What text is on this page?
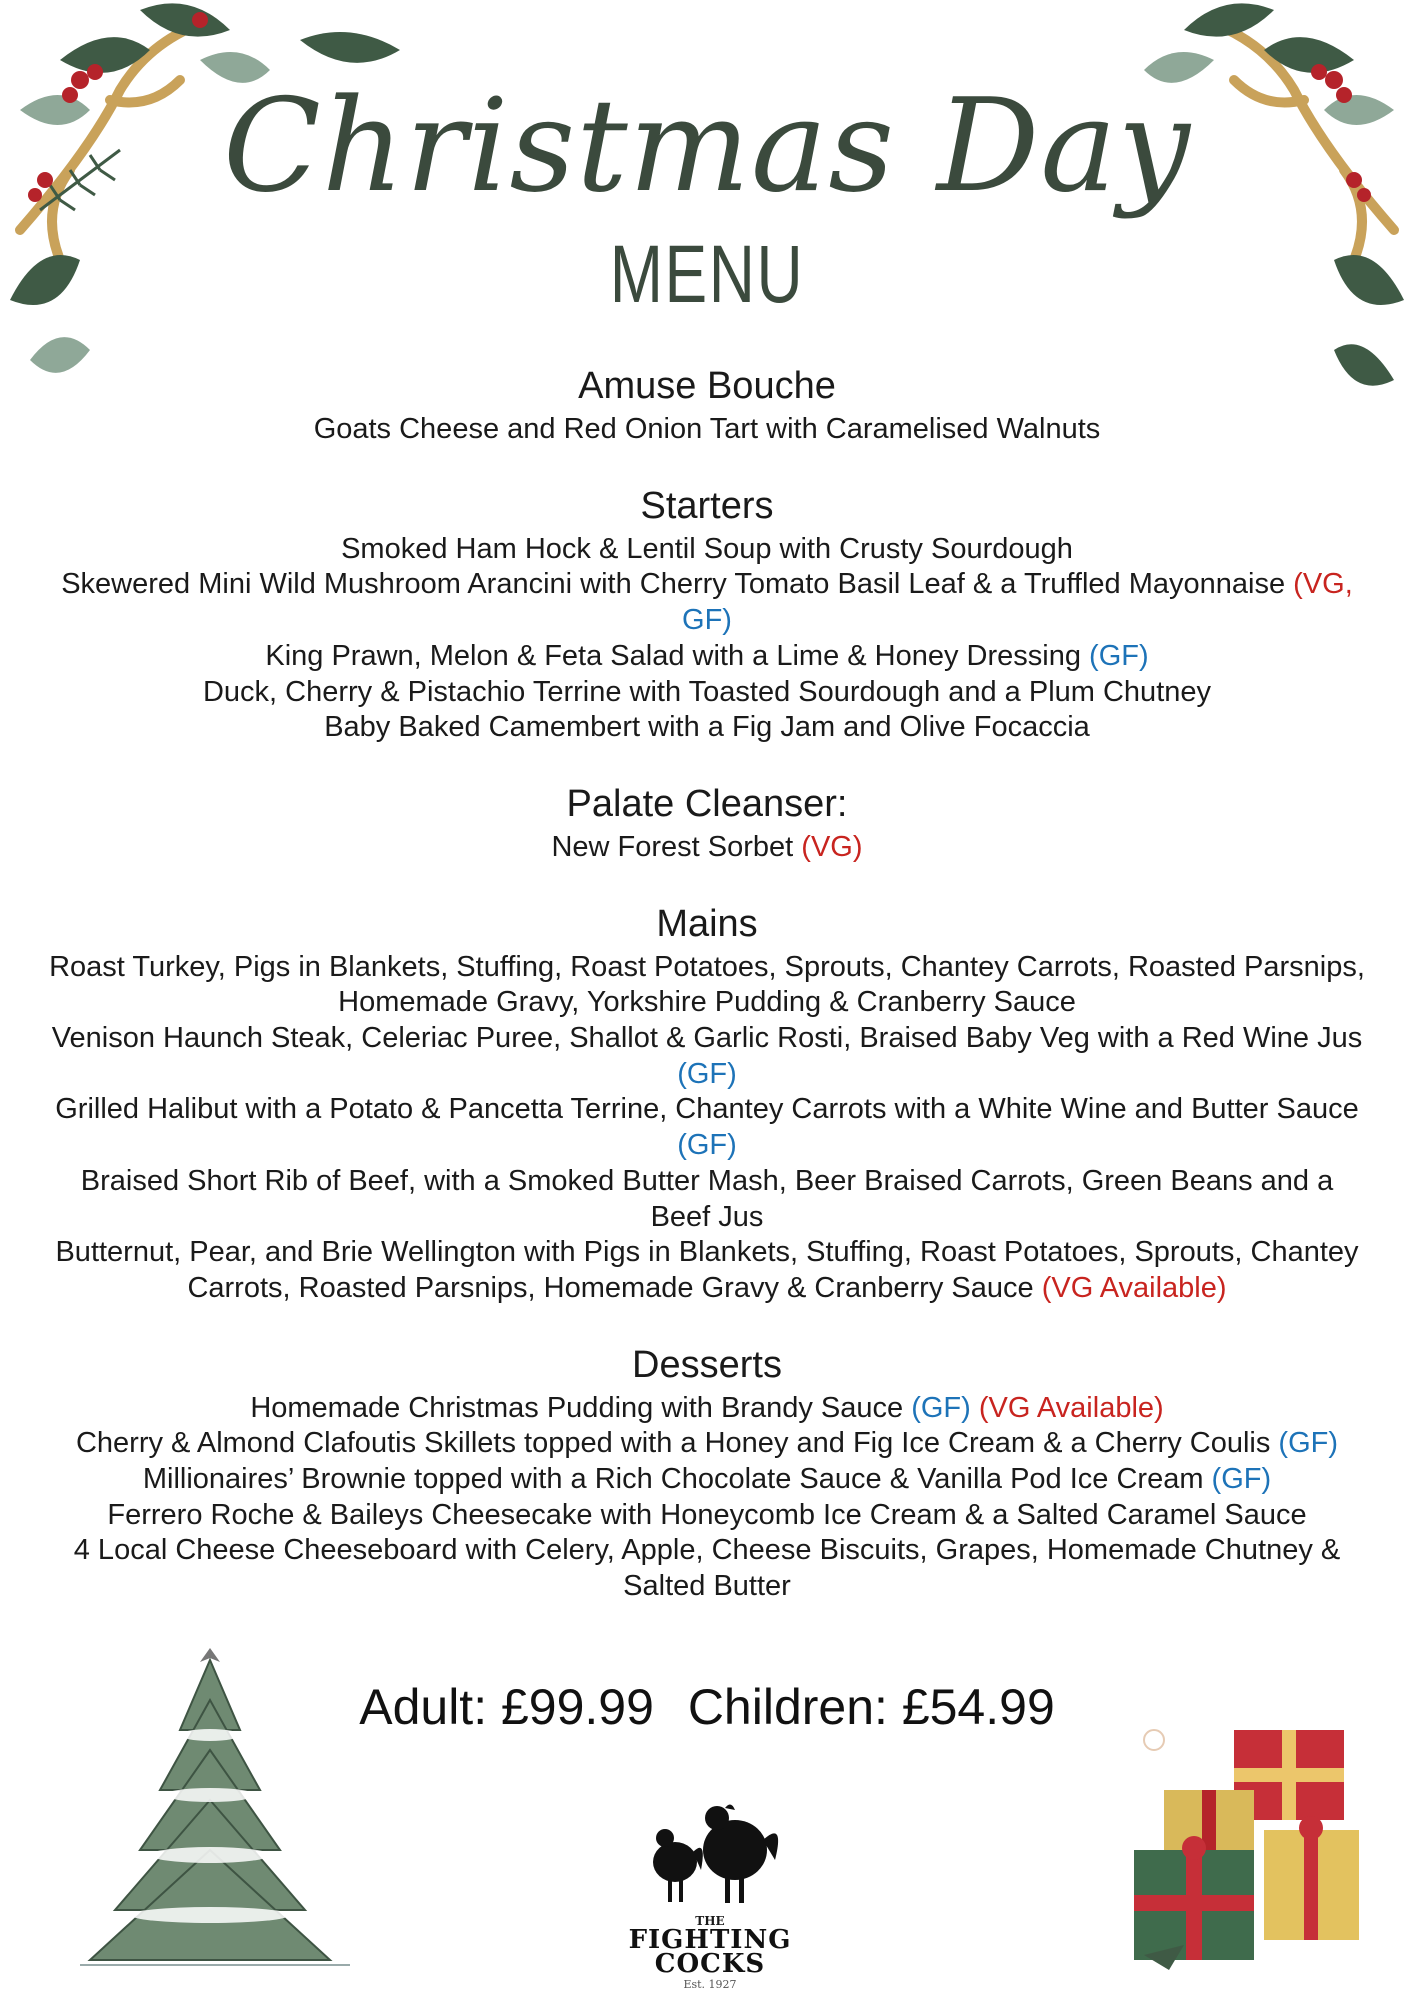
Christmas Day
MENU
Amuse Bouche
Goats Cheese and Red Onion Tart with Caramelised Walnuts
Starters
Smoked Ham Hock & Lentil Soup with Crusty Sourdough
Skewered Mini Wild Mushroom Arancini with Cherry Tomato Basil Leaf & a Truffled Mayonnaise (VG, GF)
King Prawn, Melon & Feta Salad with a Lime & Honey Dressing (GF)
Duck, Cherry & Pistachio Terrine with Toasted Sourdough and a Plum Chutney
Baby Baked Camembert with a Fig Jam and Olive Focaccia
Palate Cleanser:
New Forest Sorbet (VG)
Mains
Roast Turkey, Pigs in Blankets, Stuffing, Roast Potatoes, Sprouts, Chantey Carrots, Roasted Parsnips, Homemade Gravy, Yorkshire Pudding & Cranberry Sauce
Venison Haunch Steak, Celeriac Puree, Shallot & Garlic Rosti, Braised Baby Veg with a Red Wine Jus (GF)
Grilled Halibut with a Potato & Pancetta Terrine, Chantey Carrots with a White Wine and Butter Sauce (GF)
Braised Short Rib of Beef, with a Smoked Butter Mash, Beer Braised Carrots, Green Beans and a Beef Jus
Butternut, Pear, and Brie Wellington with Pigs in Blankets, Stuffing, Roast Potatoes, Sprouts, Chantey Carrots, Roasted Parsnips, Homemade Gravy & Cranberry Sauce (VG Available)
Desserts
Homemade Christmas Pudding with Brandy Sauce (GF) (VG Available)
Cherry & Almond Clafoutis Skillets topped with a Honey and Fig Ice Cream & a Cherry Coulis (GF)
Millionaires’ Brownie topped with a Rich Chocolate Sauce & Vanilla Pod Ice Cream (GF)
Ferrero Roche & Baileys Cheesecake with Honeycomb Ice Cream & a Salted Caramel Sauce
4 Local Cheese Cheeseboard with Celery, Apple, Cheese Biscuits, Grapes, Homemade Chutney & Salted Butter
Adult: £99.99 Children: £54.99
THE
FIGHTING
COCKS
Est. 1927
